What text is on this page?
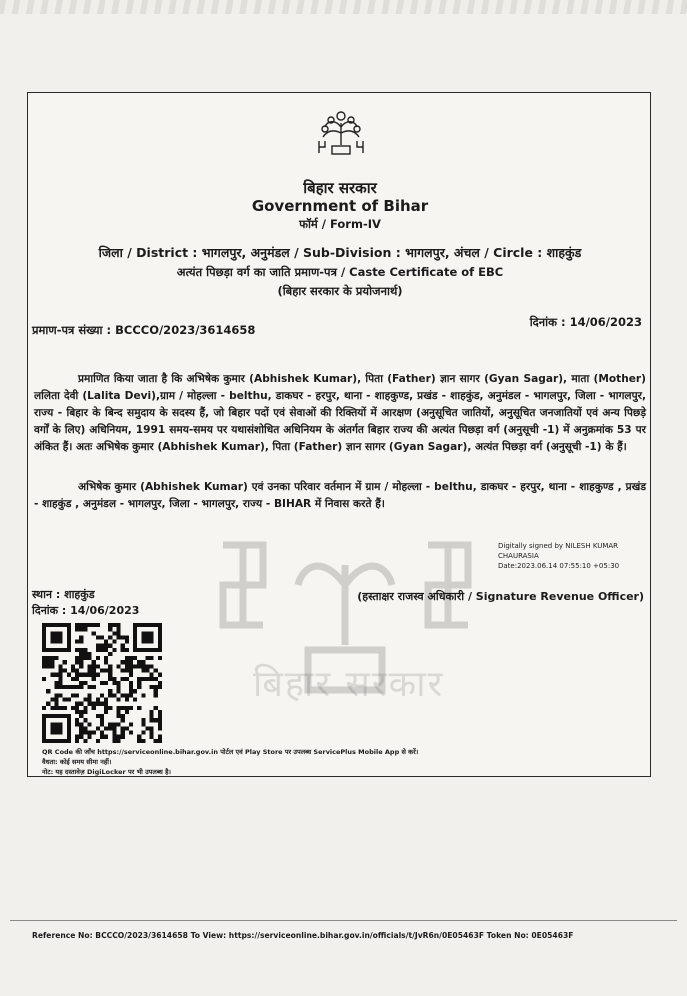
बिहार सरकार
Government of Bihar
फॉर्म / Form-IV
जिला / District : भागलपुर, अनुमंडल / Sub-Division : भागलपुर, अंचल / Circle : शाहकुंड
अत्यंत पिछड़ा वर्ग का जाति प्रमाण-पत्र / Caste Certificate of EBC
(बिहार सरकार के प्रयोजनार्थ)
प्रमाण-पत्र संख्या : BCCCO/2023/3614658
दिनांक : 14/06/2023
प्रमाणित किया जाता है कि अभिषेक कुमार (Abhishek Kumar), पिता (Father) ज्ञान सागर (Gyan Sagar), माता (Mother) ललिता देवी (Lalita Devi),ग्राम / मोहल्ला - belthu, डाकघर - हरपुर, थाना - शाहकुण्ड, प्रखंड - शाहकुंड, अनुमंडल - भागलपुर, जिला - भागलपुर, राज्य - बिहार के बिन्द समुदाय के सदस्य हैं, जो बिहार पदों एवं सेवाओं की रिक्तियों में आरक्षण (अनुसूचित जातियों, अनुसूचित जनजातियों एवं अन्य पिछड़े वर्गों के लिए) अधिनियम, 1991 समय-समय पर यथासंशोधित अधिनियम के अंतर्गत बिहार राज्य की अत्यंत पिछड़ा वर्ग (अनुसूची -1) में अनुक्रमांक 53 पर अंकित हैं। अतः अभिषेक कुमार (Abhishek Kumar), पिता (Father) ज्ञान सागर (Gyan Sagar), अत्यंत पिछड़ा वर्ग (अनुसूची -1) के हैं।
अभिषेक कुमार (Abhishek Kumar) एवं उनका परिवार वर्तमान में ग्राम / मोहल्ला - belthu, डाकघर - हरपुर, थाना - शाहकुण्ड , प्रखंड - शाहकुंड , अनुमंडल - भागलपुर, जिला - भागलपुर, राज्य - BIHAR में निवास करते हैं।
बिहार सरकार
Digitally signed by NILESH KUMAR CHAURASIA
Date:2023.06.14 07:55:10 +05:30
स्थान : शाहकुंड
दिनांक : 14/06/2023
(हस्ताक्षर राजस्व अधिकारी / Signature Revenue Officer)
QR Code की जाँच https://serviceonline.bihar.gov.in पोर्टल एवं Play Store पर उपलब्ध ServicePlus Mobile App से करें।
वैधता: कोई समय सीमा नहीं।
नोट: यह दस्तावेज़ DigiLocker पर भी उपलब्ध है।
Reference No: BCCCO/2023/3614658 To View: https://serviceonline.bihar.gov.in/officials/t/JvR6n/0E05463F Token No: 0E05463F
